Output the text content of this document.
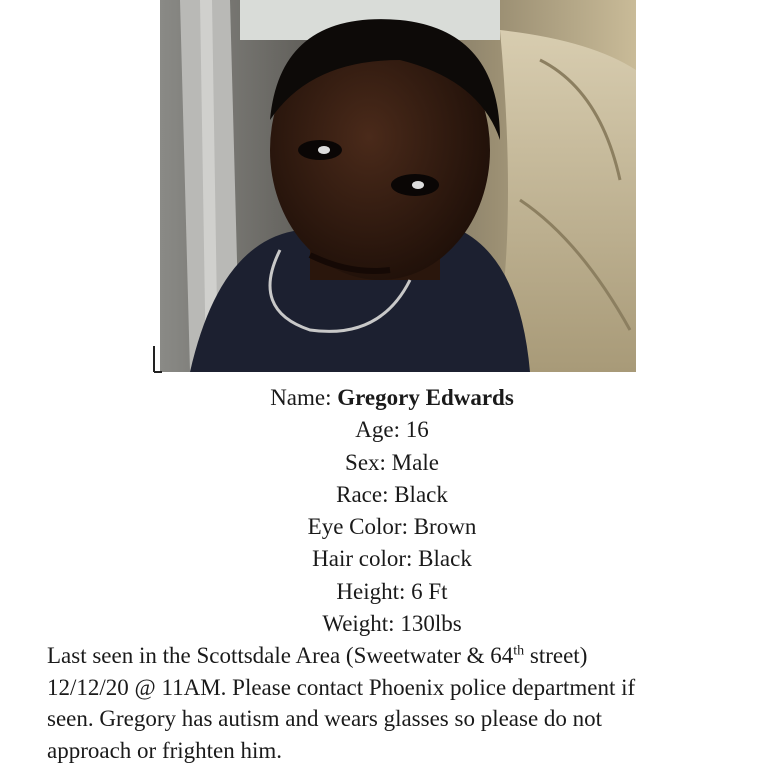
Name: Gregory Edwards
Age: 16
Sex: Male
Race: Black
Eye Color: Brown
Hair color: Black
Height: 6 Ft
Weight: 130lbs
Last seen in the Scottsdale Area (Sweetwater & 64th street)
12/12/20 @ 11AM. Please contact Phoenix police department if
seen. Gregory has autism and wears glasses so please do not
approach or frighten him.
